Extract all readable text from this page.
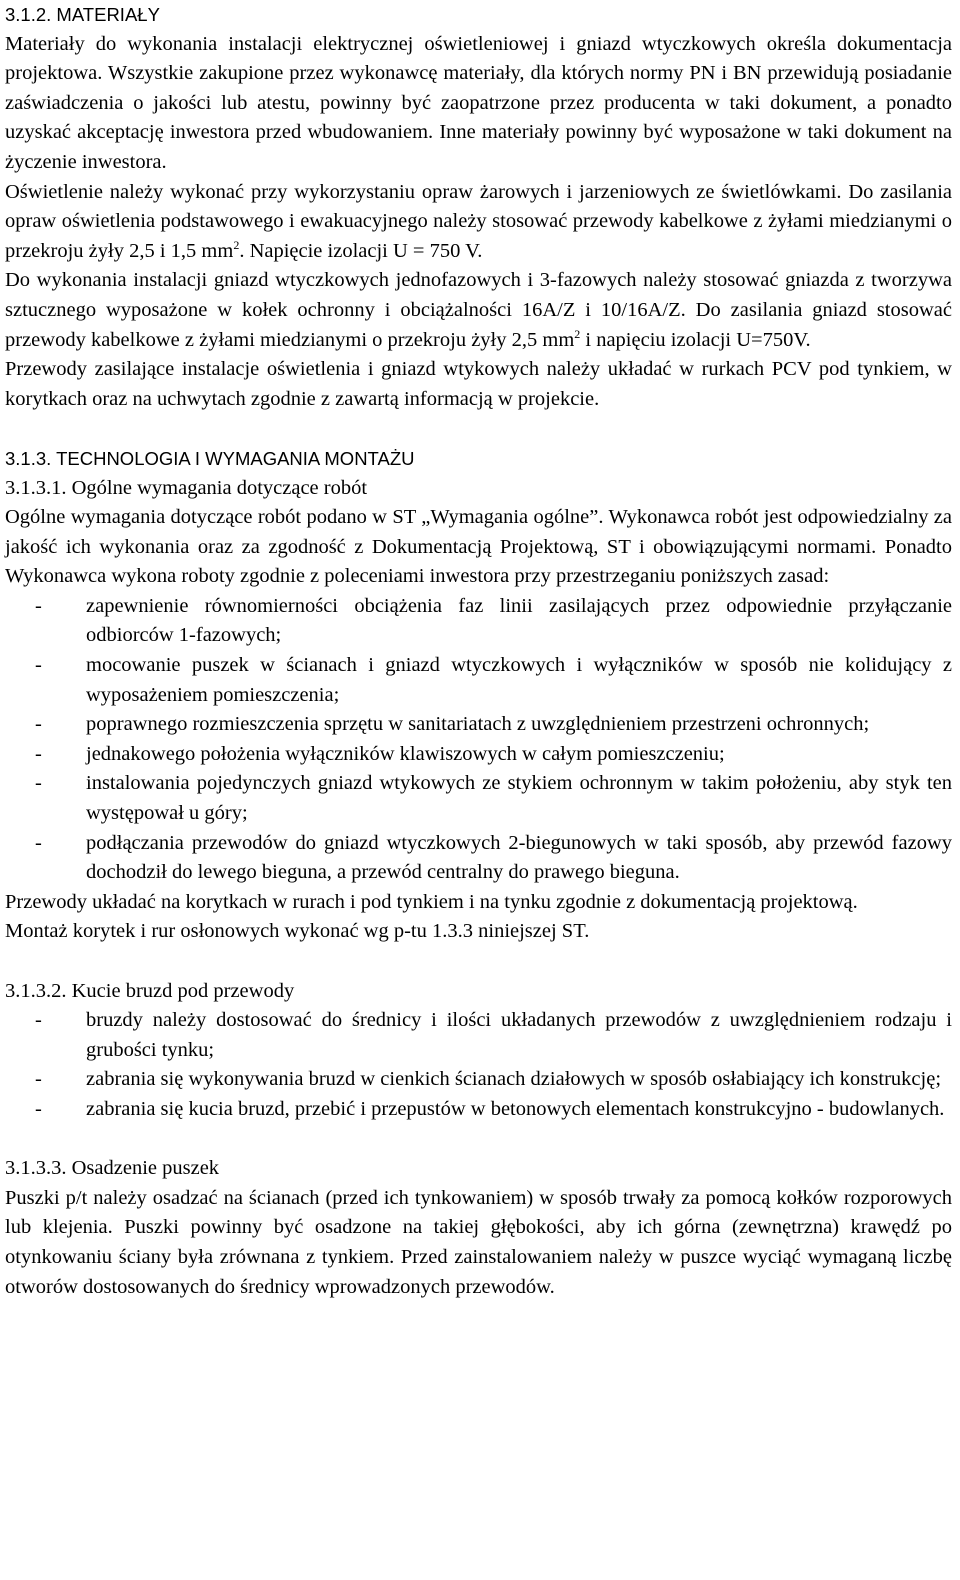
3.1.2. MATERIAŁY

Materiały do wykonania instalacji elektrycznej oświetleniowej i gniazd wtyczkowych określa dokumentacja projektowa. Wszystkie zakupione przez wykonawcę materiały, dla których normy PN i BN przewidują posiadanie zaświadczenia o jakości lub atestu, powinny być zaopatrzone przez producenta w taki dokument, a ponadto uzyskać akceptację inwestora przed wbudowaniem. Inne materiały powinny być wyposażone w taki dokument na życzenie inwestora.

Oświetlenie należy wykonać przy wykorzystaniu opraw żarowych i jarzeniowych ze świetlówkami. Do zasilania opraw oświetlenia podstawowego i ewakuacyjnego należy stosować przewody kabelkowe z żyłami miedzianymi o przekroju żyły 2,5 i 1,5 $mm^2$. Napięcie izolacji U = 750 V.

Do wykonania instalacji gniazd wtyczkowych jednofazowych i 3-fazowych należy stosować gniazda z tworzywa sztucznego wyposażone w kołek ochronny i obciążalności 16A/Z i 10/16A/Z. Do zasilania gniazd stosować przewody kabelkowe z żyłami miedzianymi o przekroju żyły 2,5 $mm^2$ i napięciu izolacji U=750V.

Przewody zasilające instalacje oświetlenia i gniazd wtykowych należy układać w rurkach PCV pod tynkiem, w korytkach oraz na uchwytach zgodnie z zawartą informacją w projekcie.

3.1.3. TECHNOLOGIA I WYMAGANIA MONTAŻU
3.1.3.1. Ogólne wymagania dotyczące robót

Ogólne wymagania dotyczące robót podano w ST „Wymagania ogólne”. Wykonawca robót jest odpowiedzialny za jakość ich wykonania oraz za zgodność z Dokumentacją Projektową, ST i obowiązującymi normami. Ponadto Wykonawca wykona roboty zgodnie z poleceniami inwestora przy przestrzeganiu poniższych zasad:

- zapewnienie równomierności obciążenia faz linii zasilających przez odpowiednie przyłączanie odbiorców 1-fazowych;
- mocowanie puszek w ścianach i gniazd wtyczkowych i wyłączników w sposób nie kolidujący z wyposażeniem pomieszczenia;
- poprawnego rozmieszczenia sprzętu w sanitariatach z uwzględnieniem przestrzeni ochronnych;
- jednakowego położenia wyłączników klawiszowych w całym pomieszczeniu;
- instalowania pojedynczych gniazd wtykowych ze stykiem ochronnym w takim położeniu, aby styk ten występował u góry;
- podłączania przewodów do gniazd wtyczkowych 2-biegunowych w taki sposób, aby przewód fazowy dochodził do lewego bieguna, a przewód centralny do prawego bieguna.

Przewody układać na korytkach w rurach i pod tynkiem i na tynku zgodnie z dokumentacją projektową.

Montaż korytek i rur osłonowych wykonać wg p-tu 1.3.3 niniejszej ST.

3.1.3.2. Kucie bruzd pod przewody
- bruzdy należy dostosować do średnicy i ilości układanych przewodów z uwzględnieniem rodzaju i grubości tynku;
- zabrania się wykonywania bruzd w cienkich ścianach działowych w sposób osłabiający ich konstrukcję;
- zabrania się kucia bruzd, przebić i przepustów w betonowych elementach konstrukcyjno - budowlanych.
3.1.3.3. Osadzenie puszek

Puszki p/t należy osadzać na ścianach (przed ich tynkowaniem) w sposób trwały za pomocą kołków rozporowych lub klejenia. Puszki powinny być osadzone na takiej głębokości, aby ich górna (zewnętrzna) krawędź po otynkowaniu ściany była zrównana z tynkiem. Przed zainstalowaniem należy w puszce wyciąć wymaganą liczbę otworów dostosowanych do średnicy wprowadzonych przewodów.
